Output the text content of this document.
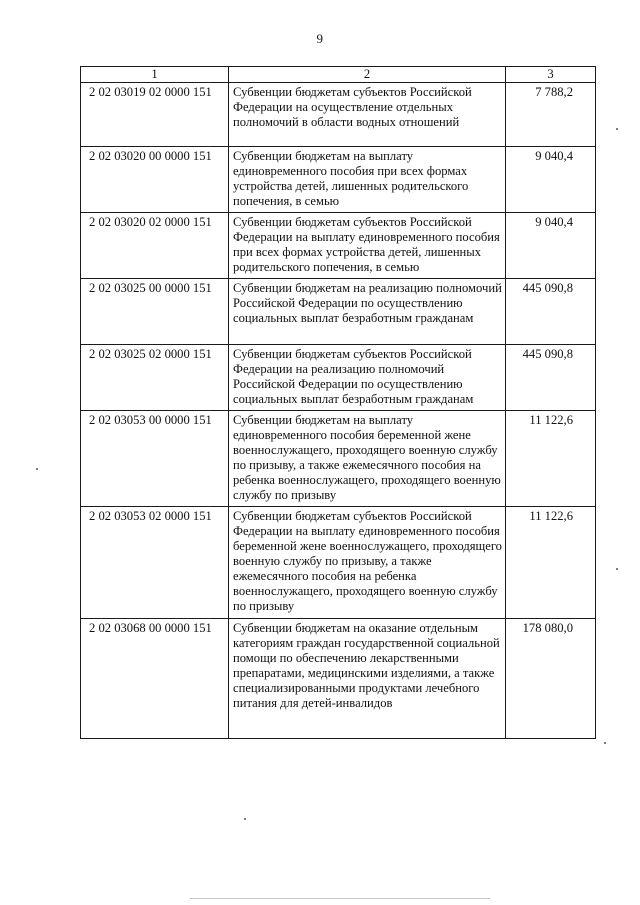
9
1	2	3
2 02 03019 02 0000 151	Субвенции бюджетам субъектов Российской Федерации на осуществление отдельных полномочий в области водных отношений	7 788,2
2 02 03020 00 0000 151	Субвенции бюджетам на выплату единовременного пособия при всех формах устройства детей, лишенных родительского попечения, в семью	9 040,4
2 02 03020 02 0000 151	Субвенции бюджетам субъектов Российской Федерации на выплату единовременного пособия при всех формах устройства детей, лишенных родительского попечения, в семью	9 040,4
2 02 03025 00 0000 151	Субвенции бюджетам на реализацию полномочий Российской Федерации по осуществлению социальных выплат безработным гражданам	445 090,8
2 02 03025 02 0000 151	Субвенции бюджетам субъектов Российской Федерации на реализацию полномочий Российской Федерации по осуществлению социальных выплат безработным гражданам	445 090,8
2 02 03053 00 0000 151	Субвенции бюджетам на выплату единовременного пособия беременной жене военнослужащего, проходящего военную службу по призыву, а также ежемесячного пособия на ребенка военнослужащего, проходящего военную службу по призыву	11 122,6
2 02 03053 02 0000 151	Субвенции бюджетам субъектов Российской Федерации на выплату единовременного пособия беременной жене военнослужащего, проходящего военную службу по призыву, а также ежемесячного пособия на ребенка военнослужащего, проходящего военную службу по призыву	11 122,6
2 02 03068 00 0000 151	Субвенции бюджетам на оказание отдельным категориям граждан государственной социальной помощи по обеспечению лекарственными препаратами, медицинскими изделиями, а также специализированными продуктами лечебного питания для детей-инвалидов	178 080,0
